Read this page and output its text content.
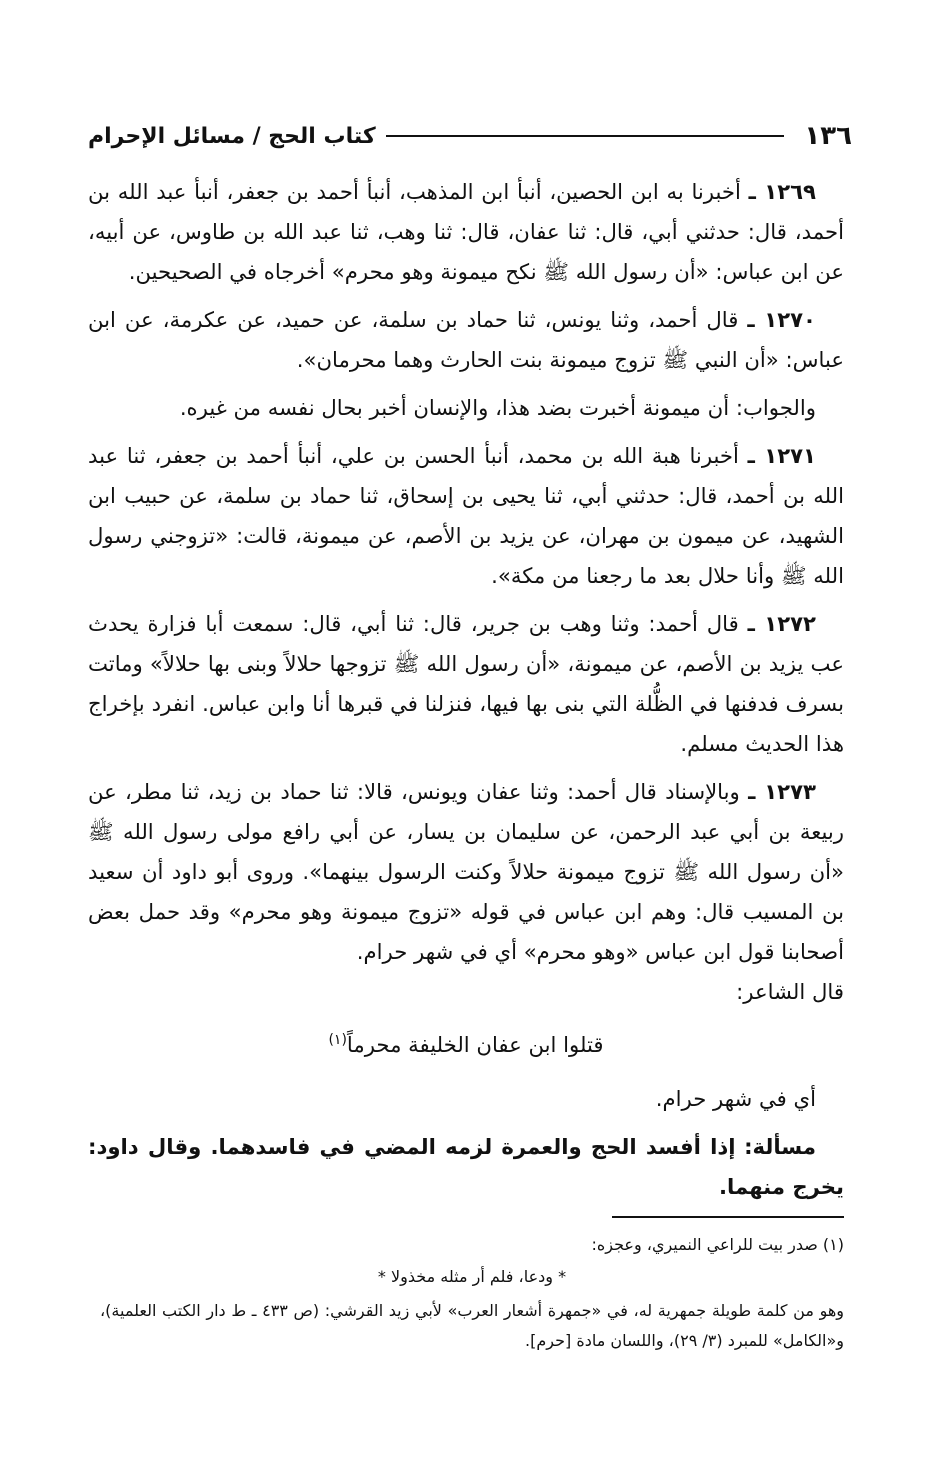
١٣٦
كتاب الحج / مسائل الإحرام

١٢٦٩ ـ أخبرنا به ابن الحصين، أنبأ ابن المذهب، أنبأ أحمد بن جعفر، أنبأ عبد الله بن أحمد، قال: حدثني أبي، قال: ثنا عفان، قال: ثنا وهب، ثنا عبد الله بن طاوس، عن أبيه، عن ابن عباس: «أن رسول الله ﷺ نكح ميمونة وهو محرم» أخرجاه في الصحيحين.

١٢٧٠ ـ قال أحمد، وثنا يونس، ثنا حماد بن سلمة، عن حميد، عن عكرمة، عن ابن عباس: «أن النبي ﷺ تزوج ميمونة بنت الحارث وهما محرمان».

والجواب: أن ميمونة أخبرت بضد هذا، والإنسان أخبر بحال نفسه من غيره.

١٢٧١ ـ أخبرنا هبة الله بن محمد، أنبأ الحسن بن علي، أنبأ أحمد بن جعفر، ثنا عبد الله بن أحمد، قال: حدثني أبي، ثنا يحيى بن إسحاق، ثنا حماد بن سلمة، عن حبيب ابن الشهيد، عن ميمون بن مهران، عن يزيد بن الأصم، عن ميمونة، قالت: «تزوجني رسول الله ﷺ وأنا حلال بعد ما رجعنا من مكة».

١٢٧٢ ـ قال أحمد: وثنا وهب بن جرير، قال: ثنا أبي، قال: سمعت أبا فزارة يحدث عب يزيد بن الأصم، عن ميمونة، «أن رسول الله ﷺ تزوجها حلالاً وبنى بها حلالاً» وماتت بسرف فدفنها في الظُّلة التي بنى بها فيها، فنزلنا في قبرها أنا وابن عباس. انفرد بإخراج هذا الحديث مسلم.

١٢٧٣ ـ وبالإسناد قال أحمد: وثنا عفان ويونس، قالا: ثنا حماد بن زيد، ثنا مطر، عن ربيعة بن أبي عبد الرحمن، عن سليمان بن يسار، عن أبي رافع مولى رسول الله ﷺ «أن رسول الله ﷺ تزوج ميمونة حلالاً وكنت الرسول بينهما». وروى أبو داود أن سعيد بن المسيب قال: وهم ابن عباس في قوله «تزوج ميمونة وهو محرم» وقد حمل بعض أصحابنا قول ابن عباس «وهو محرم» أي في شهر حرام.
قال الشاعر:

قتلوا ابن عفان الخليفة محرماً$^{(١)}$

أي في شهر حرام.

مسألة: إذا أفسد الحج والعمرة لزمه المضي في فاسدهما. وقال داود: يخرج منهما.

(١) صدر بيت للراعي النميري، وعجزه:
* ودعا، فلم أر مثله مخذولا *
وهو من كلمة طويلة جمهرية له، في «جمهرة أشعار العرب» لأبي زيد القرشي: (ص ٤٣٣ ـ ط دار الكتب العلمية)، و«الكامل» للمبرد (٣/ ٢٩)، واللسان مادة [حرم].
